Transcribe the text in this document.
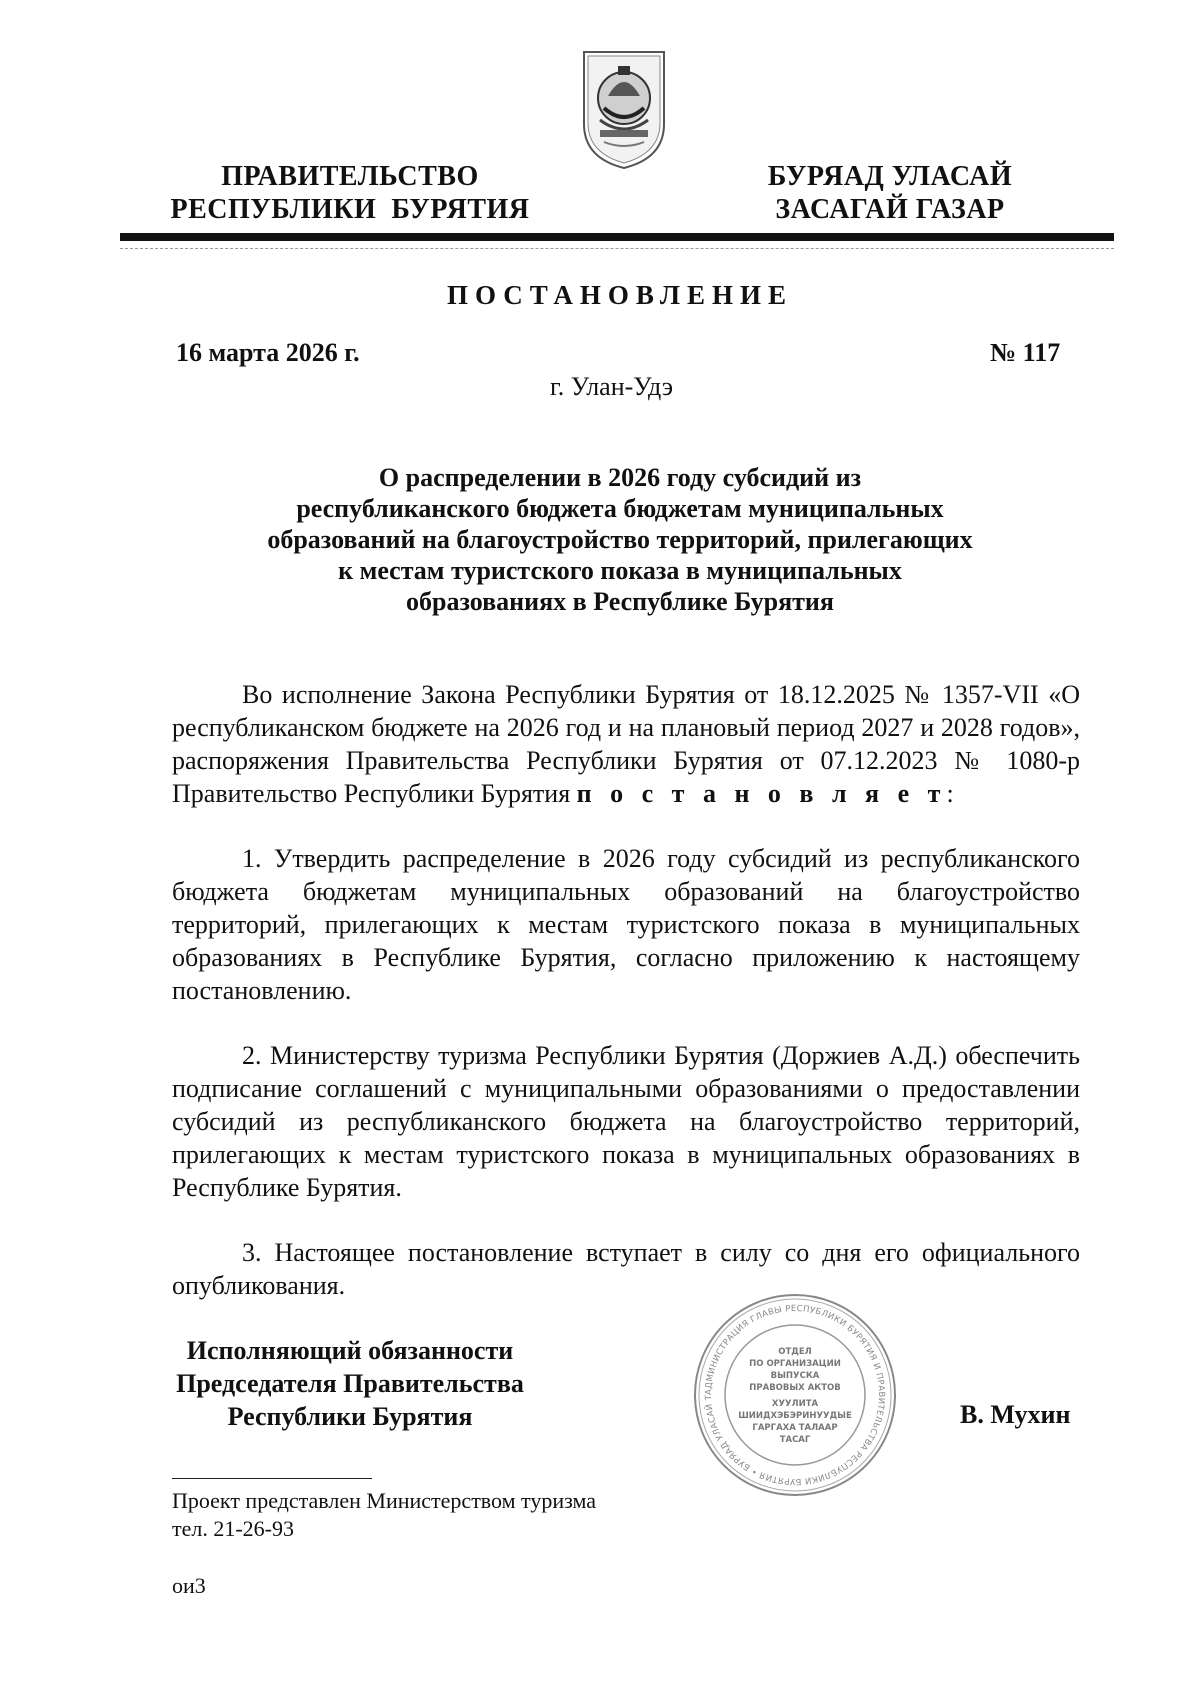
ПРАВИТЕЛЬСТВО
РЕСПУБЛИКИ  БУРЯТИЯ
БУРЯАД УЛАСАЙ
ЗАСАГАЙ ГАЗАР
ПОСТАНОВЛЕНИЕ
16 марта 2026 г.	№ 117
г. Улан-Удэ
О распределении в 2026 году субсидий из
республиканского бюджета бюджетам муниципальных
образований на благоустройство территорий, прилегающих
к местам туристского показа в муниципальных
образованиях в Республике Бурятия

Во исполнение Закона Республики Бурятия от 18.12.2025 № 1357-VII «О республиканском бюджете на 2026 год и на плановый период 2027 и 2028 годов», распоряжения Правительства Республики Бурятия от 07.12.2023 № 1080-р Правительство Республики Бурятия п о с т а н о в л я е т:

1. Утвердить распределение в 2026 году субсидий из республиканского бюджета бюджетам муниципальных образований на благоустройство территорий, прилегающих к местам туристского показа в муниципальных образованиях в Республике Бурятия, согласно приложению к настоящему постановлению.

2. Министерству туризма Республики Бурятия (Доржиев А.Д.) обеспечить подписание соглашений с муниципальными образованиями о предоставлении субсидий из республиканского бюджета на благоустройство территорий, прилегающих к местам туристского показа в муниципальных образованиях в Республике Бурятия.

3. Настоящее постановление вступает в силу со дня его официального опубликования.

Исполняющий обязанности
Председателя Правительства
Республики Бурятия	В. Мухин
АДМИНИСТРАЦИЯ ГЛАВЫ РЕСПУБЛИКИ БУРЯТИЯ И ПРАВИТЕЛЬСТВА РЕСПУБЛИКИ БУРЯТИЯ • БУРЯАД УЛАСАЙ Т
ОТДЕЛ
ПО ОРГАНИЗАЦИИ
ВЫПУСКА
ПРАВОВЫХ АКТОВ
ХУУЛИТА
ШИИДХЭБЭРИНУУДЫЕ
ГАРГАХА ТАЛААР
ТАСАГ
Проект представлен Министерством туризма
тел. 21-26-93
ои3
